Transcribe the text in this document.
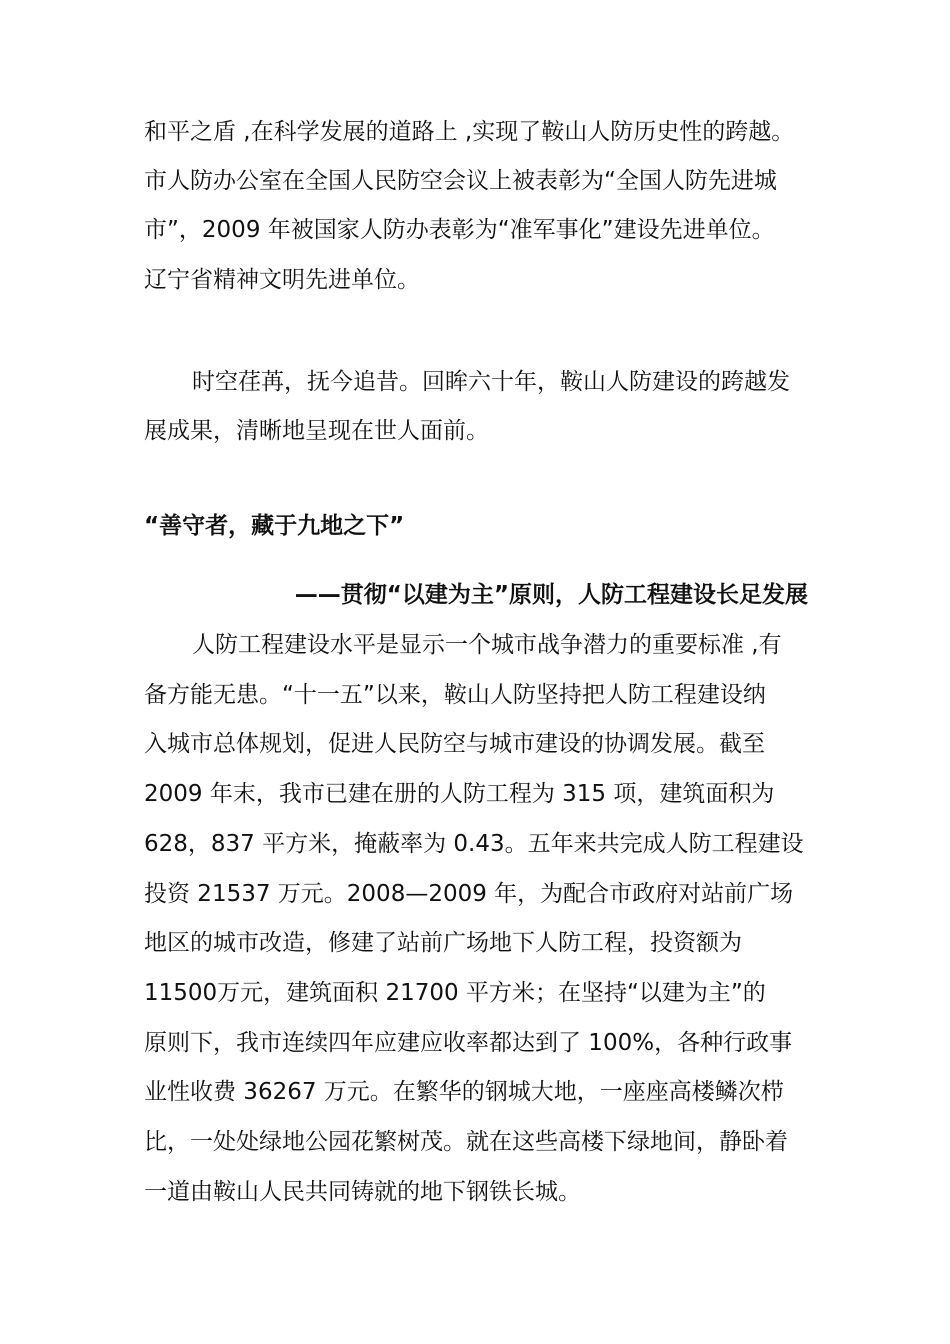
和平之盾 ,在科学发展的道路上 ,实现了鞍山人防历史性的跨越。
市人防办公室在全国人民防空会议上被表彰为“全国人防先进城
市”，2009 年被国家人防办表彰为“准军事化”建设先进单位。
辽宁省精神文明先进单位。
时空荏苒，抚今追昔。回眸六十年，鞍山人防建设的跨越发
展成果，清晰地呈现在世人面前。
“善守者，藏于九地之下”
——贯彻“以建为主”原则，人防工程建设长足发展
人防工程建设水平是显示一个城市战争潜力的重要标准 ,有
备方能无患。“十一五”以来，鞍山人防坚持把人防工程建设纳
入城市总体规划，促进人民防空与城市建设的协调发展。截至
2009 年末，我市已建在册的人防工程为 315 项，建筑面积为
628，837 平方米，掩蔽率为 0.43。五年来共完成人防工程建设
投资 21537 万元。2008—2009 年，为配合市政府对站前广场
地区的城市改造，修建了站前广场地下人防工程，投资额为
11500万元，建筑面积 21700 平方米；在坚持“以建为主”的
原则下，我市连续四年应建应收率都达到了 100%，各种行政事
业性收费 36267 万元。在繁华的钢城大地，一座座高楼鳞次栉
比，一处处绿地公园花繁树茂。就在这些高楼下绿地间，静卧着
一道由鞍山人民共同铸就的地下钢铁长城。
